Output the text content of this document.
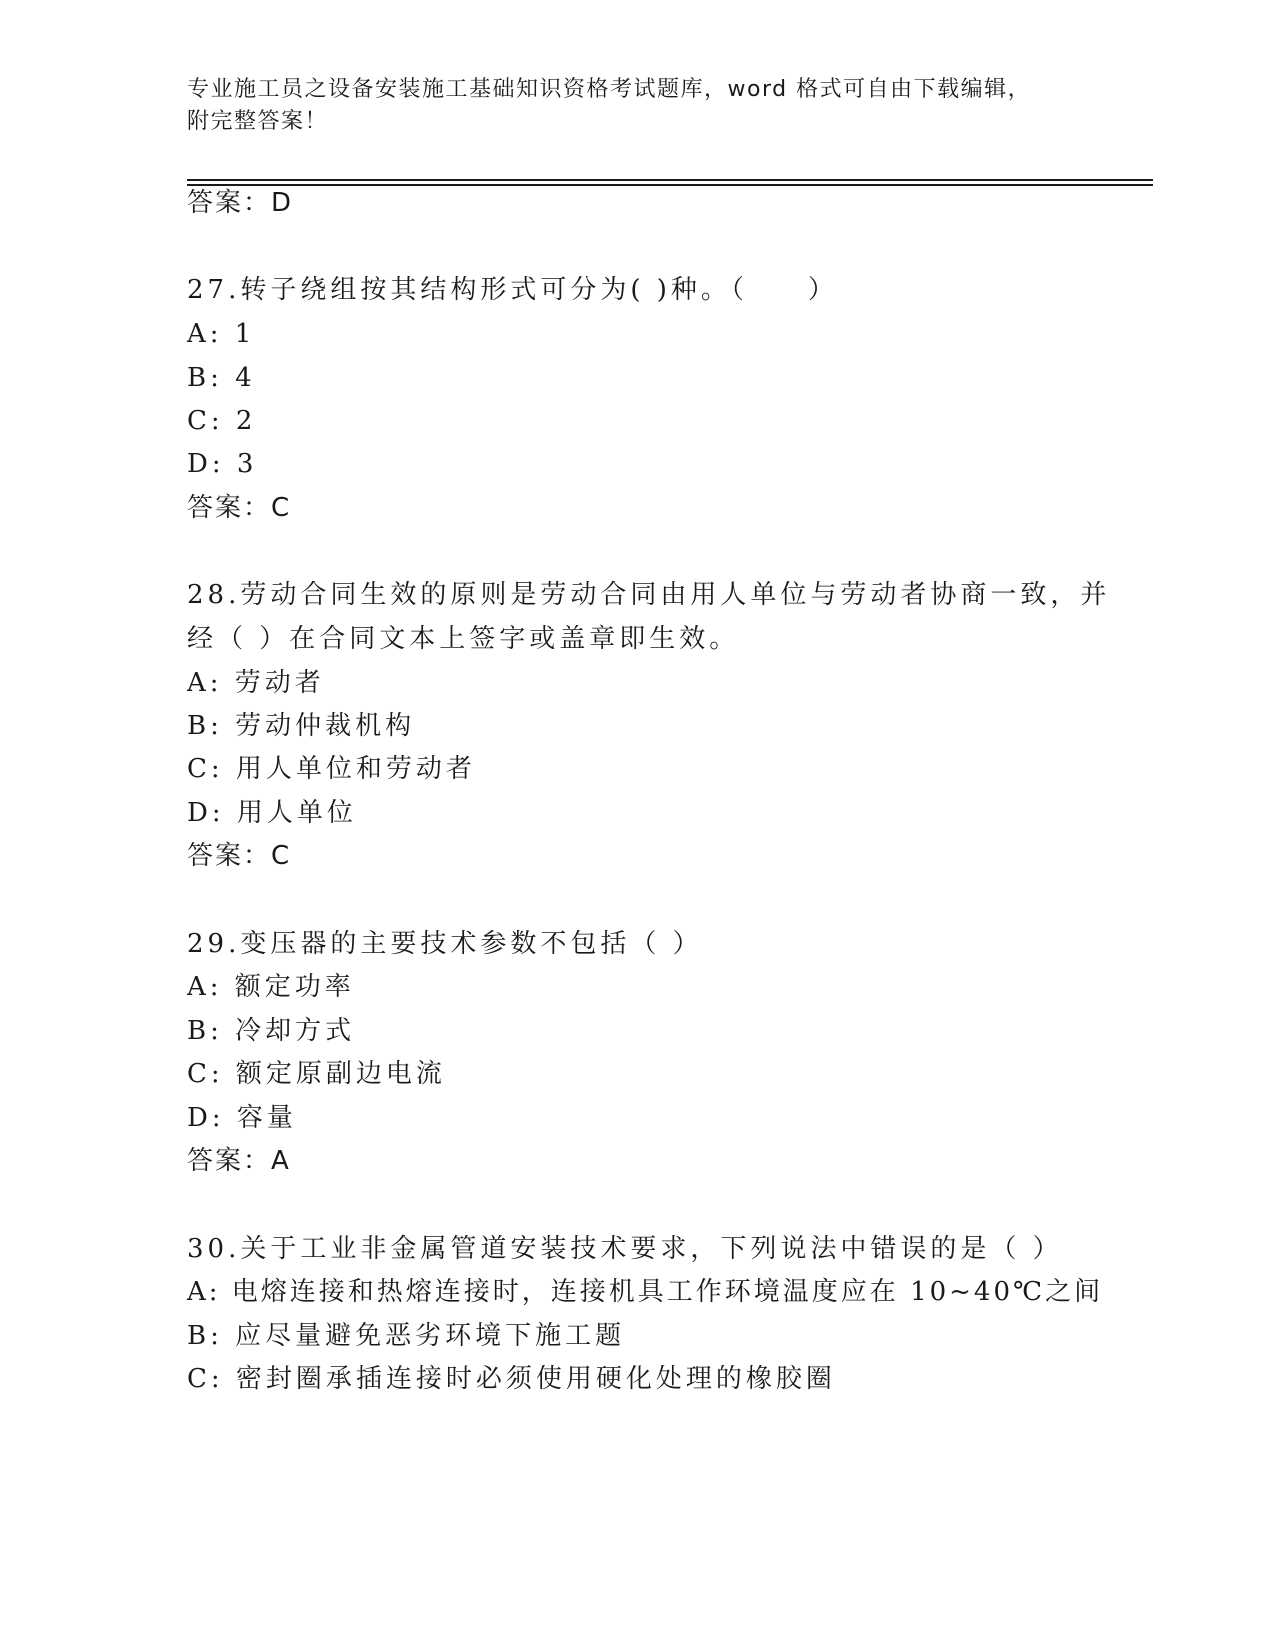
专业施工员之设备安装施工基础知识资格考试题库，word 格式可自由下载编辑，
附完整答案！
答案：D
27.转子绕组按其结构形式可分为( )种。（　　）
A: 1
B: 4
C: 2
D: 3
答案：C
28.劳动合同生效的原则是劳动合同由用人单位与劳动者协商一致，并
经（ ）在合同文本上签字或盖章即生效。
A: 劳动者
B: 劳动仲裁机构
C: 用人单位和劳动者
D: 用人单位
答案：C
29.变压器的主要技术参数不包括（ ）
A: 额定功率
B: 冷却方式
C: 额定原副边电流
D: 容量
答案：A
30.关于工业非金属管道安装技术要求，下列说法中错误的是（ ）
A: 电熔连接和热熔连接时，连接机具工作环境温度应在 10~40℃之间
B: 应尽量避免恶劣环境下施工题
C: 密封圈承插连接时必须使用硬化处理的橡胶圈
